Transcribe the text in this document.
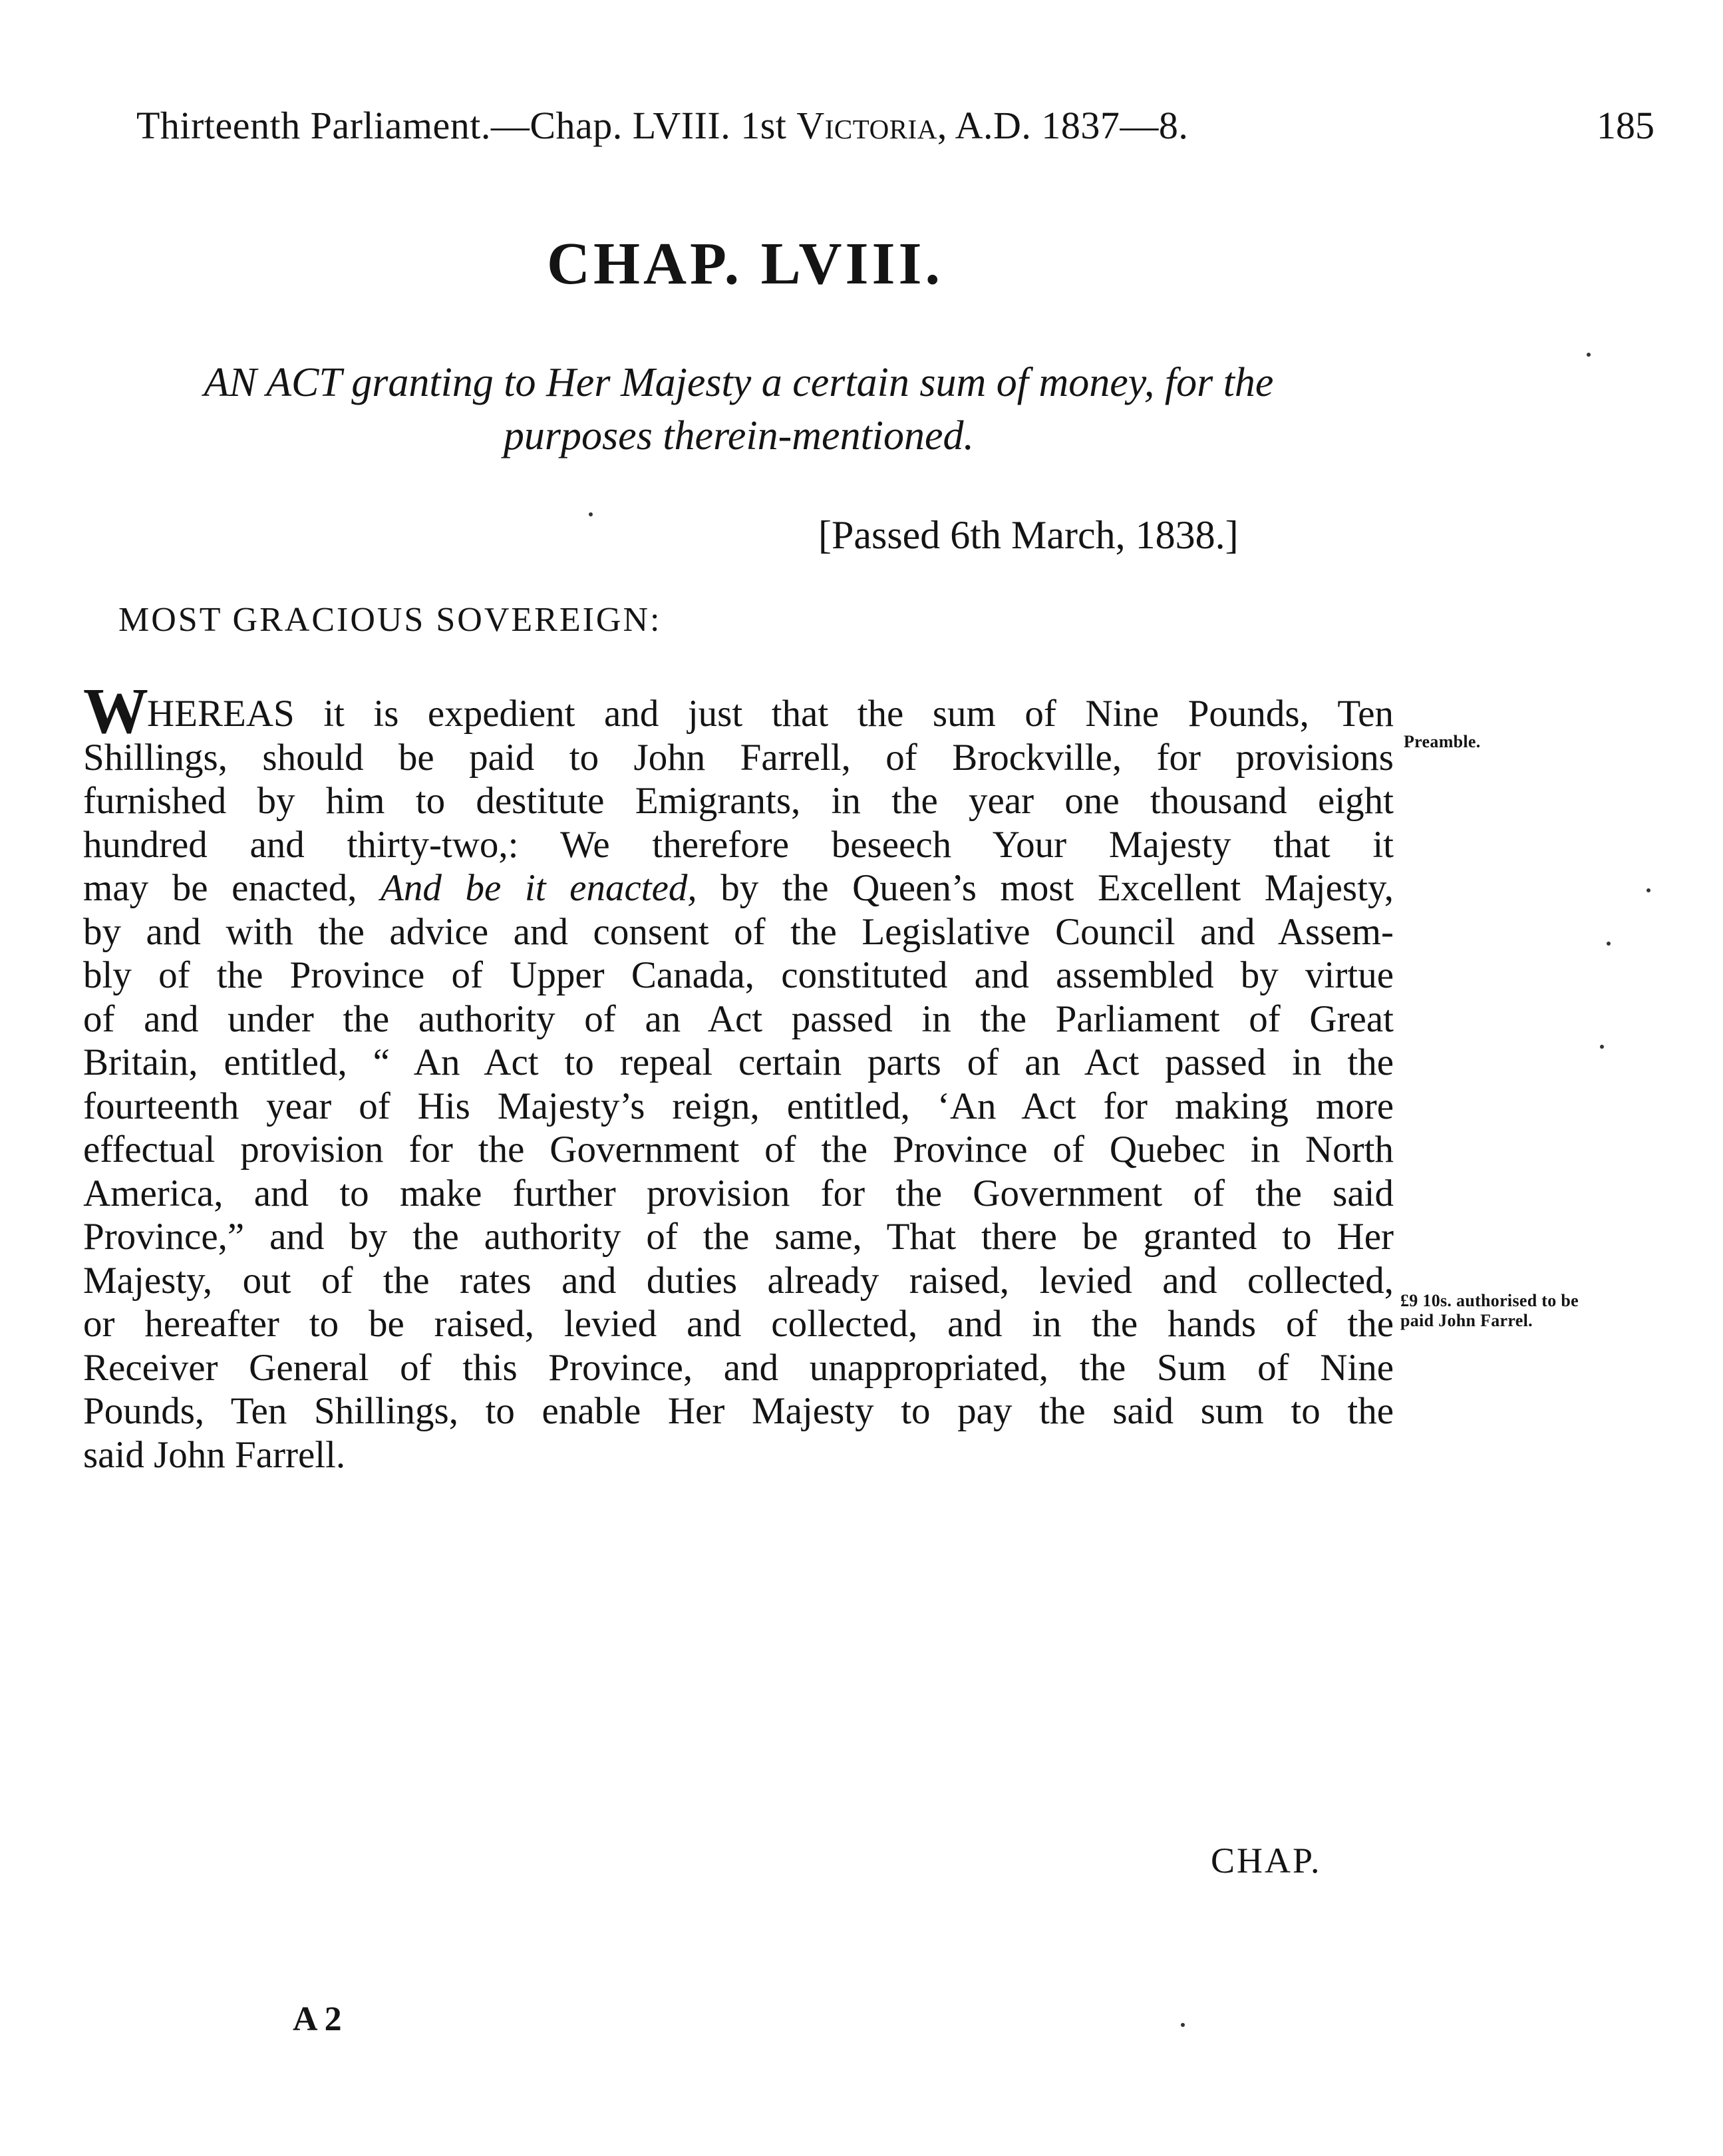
Thirteenth Parliament.—Chap. LVIII. 1st Victoria, A.D. 1837—8.	185
CHAP. LVIII.
AN ACT granting to Her Majesty a certain sum of money, for the
purposes therein-mentioned.
[Passed 6th March, 1838.]
MOST GRACIOUS SOVEREIGN:
WHEREAS it is expedient and just that the sum of Nine Pounds, Ten
Shillings, should be paid to John Farrell, of Brockville, for provisions
furnished by him to destitute Emigrants, in the year one thousand eight
hundred and thirty-two,: We therefore beseech Your Majesty that it
may be enacted, And be it enacted, by the Queen’s most Excellent Majesty,
by and with the advice and consent of the Legislative Council and Assem-
bly of the Province of Upper Canada, constituted and assembled by virtue
of and under the authority of an Act passed in the Parliament of Great
Britain, entitled, “ An Act to repeal certain parts of an Act passed in the
fourteenth year of His Majesty’s reign, entitled, ‘An Act for making more
effectual provision for the Government of the Province of Quebec in North
America, and to make further provision for the Government of the said
Province,” and by the authority of the same, That there be granted to Her
Majesty, out of the rates and duties already raised, levied and collected,
or hereafter to be raised, levied and collected, and in the hands of the
Receiver General of this Province, and unappropriated, the Sum of Nine
Pounds, Ten Shillings, to enable Her Majesty to pay the said sum to the
said John Farrell.
Preamble.
£9 10s. authorised to be
paid John Farrel.
CHAP.
A 2
